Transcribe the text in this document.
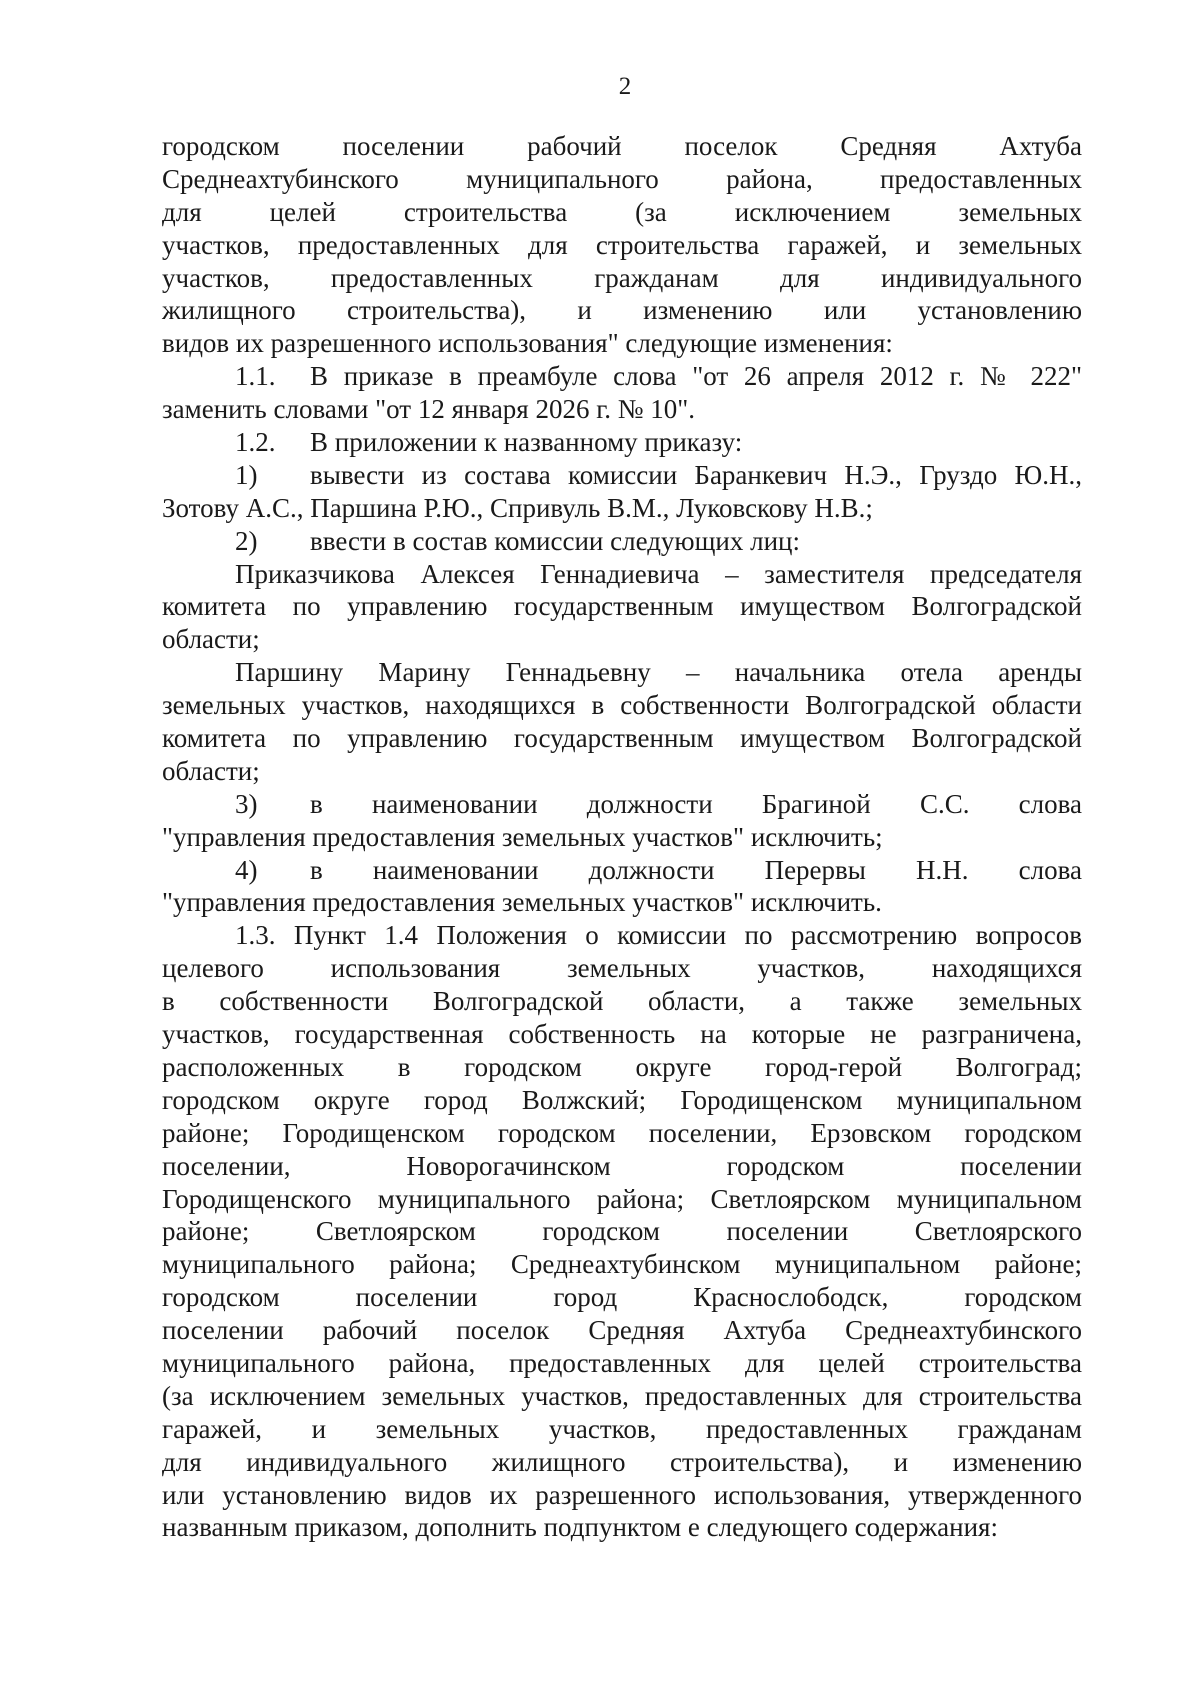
2
городском поселении рабочий поселок Средняя Ахтуба
Среднеахтубинского муниципального района, предоставленных
для целей строительства (за исключением земельных
участков, предоставленных для строительства гаражей, и земельных
участков, предоставленных гражданам для индивидуального
жилищного строительства), и изменению или установлению
видов их разрешенного использования" следующие изменения:
1.1. В приказе в преамбуле слова "от 26 апреля 2012 г. № 222"
заменить словами "от 12 января 2026 г. № 10".
1.2. В приложении к названному приказу:
1) вывести из состава комиссии Баранкевич Н.Э., Груздо Ю.Н.,
Зотову А.С., Паршина Р.Ю., Спривуль В.М., Луковскову Н.В.;
2) ввести в состав комиссии следующих лиц:
Приказчикова Алексея Геннадиевича – заместителя председателя
комитета по управлению государственным имуществом Волгоградской
области;
Паршину Марину Геннадьевну – начальника отела аренды
земельных участков, находящихся в собственности Волгоградской области
комитета по управлению государственным имуществом Волгоградской
области;
3) в наименовании должности Брагиной С.С. слова
"управления предоставления земельных участков" исключить;
4) в наименовании должности Перервы Н.Н. слова
"управления предоставления земельных участков" исключить.
1.3. Пункт 1.4 Положения о комиссии по рассмотрению вопросов
целевого использования земельных участков, находящихся
в собственности Волгоградской области, а также земельных
участков, государственная собственность на которые не разграничена,
расположенных в городском округе город-герой Волгоград;
городском округе город Волжский; Городищенском муниципальном
районе; Городищенском городском поселении, Ерзовском городском
поселении, Новорогачинском городском поселении
Городищенского муниципального района; Светлоярском муниципальном
районе; Светлоярском городском поселении Светлоярского
муниципального района; Среднеахтубинском муниципальном районе;
городском поселении город Краснослободск, городском
поселении рабочий поселок Средняя Ахтуба Среднеахтубинского
муниципального района, предоставленных для целей строительства
(за исключением земельных участков, предоставленных для строительства
гаражей, и земельных участков, предоставленных гражданам
для индивидуального жилищного строительства), и изменению
или установлению видов их разрешенного использования, утвержденного
названным приказом, дополнить подпунктом е следующего содержания:
